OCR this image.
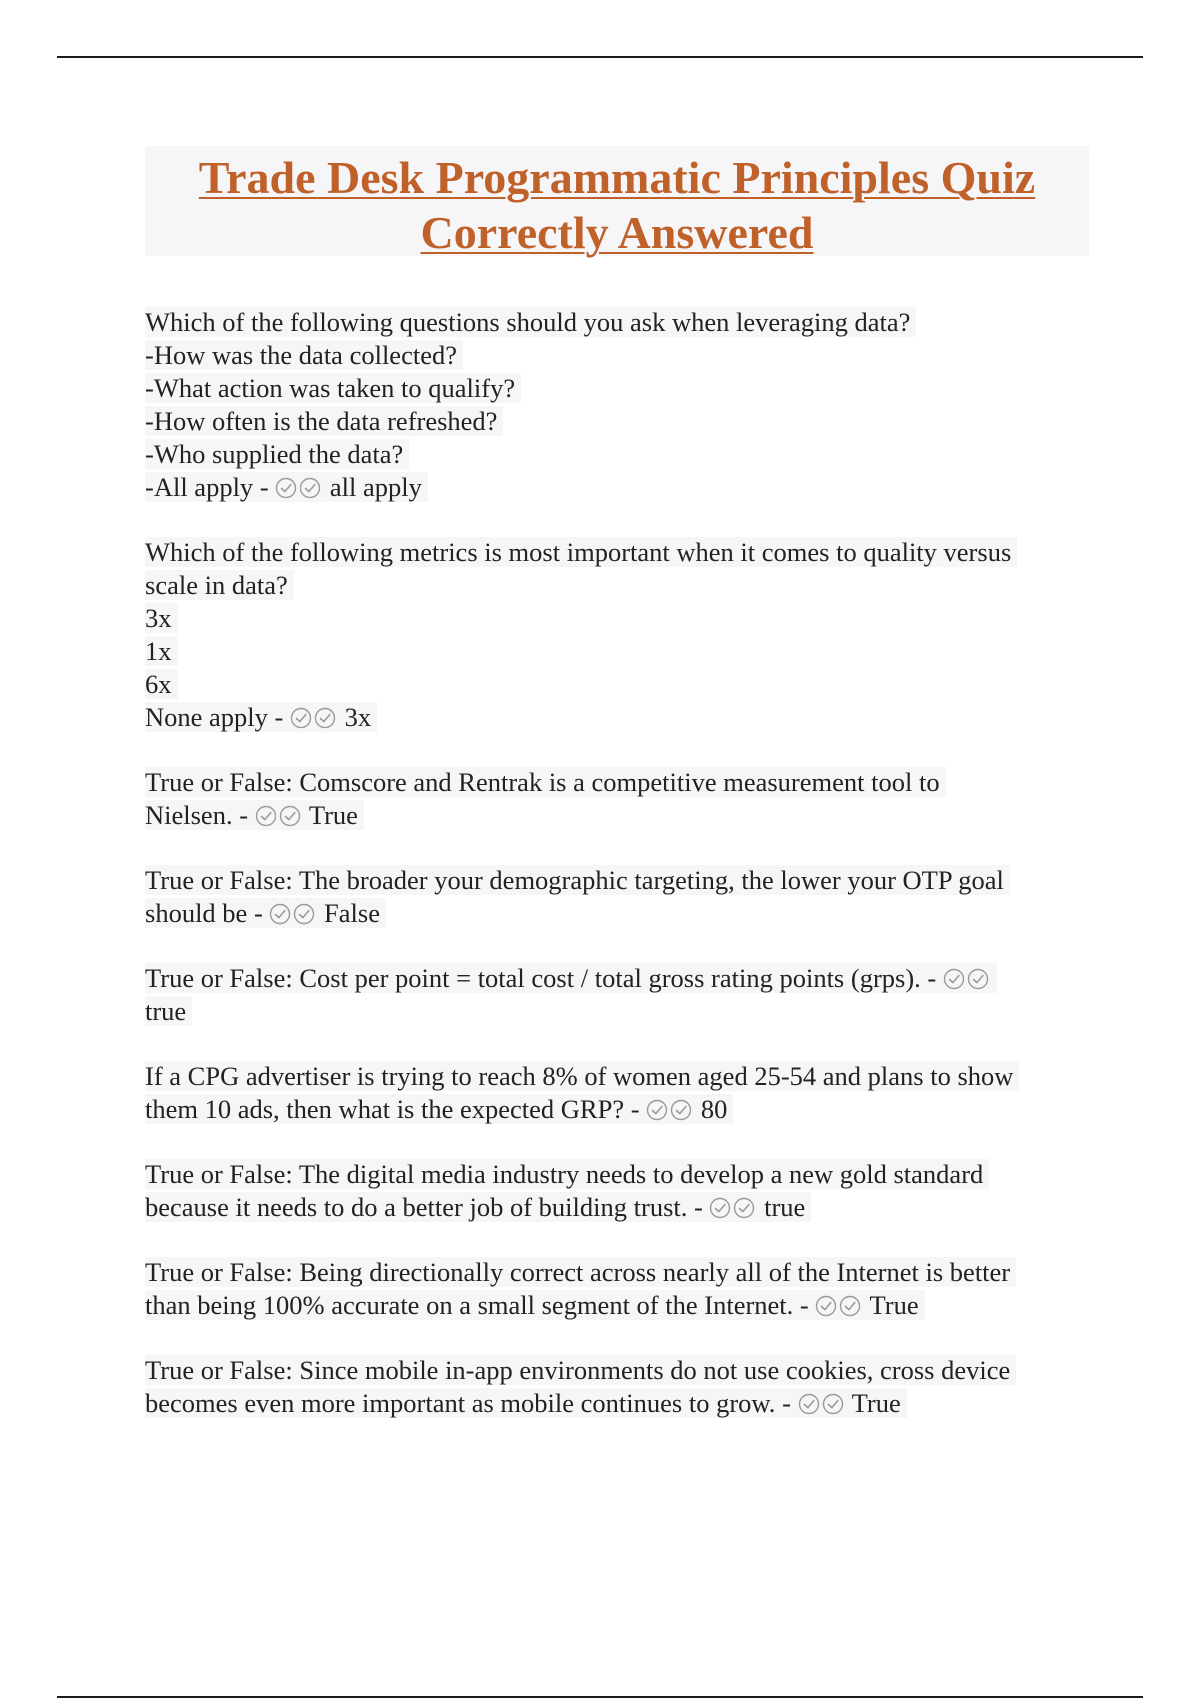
Trade Desk Programmatic Principles Quiz
Correctly Answered
Which of the following questions should you ask when leveraging data?
-How was the data collected?
-What action was taken to qualify?
-How often is the data refreshed?
-Who supplied the data?
-All apply -
all apply
Which of the following metrics is most important when it comes to quality versus
scale in data?
3x
1x
6x
None apply -
3x
True or False: Comscore and Rentrak is a competitive measurement tool to
Nielsen. -
True
True or False: The broader your demographic targeting, the lower your OTP goal
should be -
False
True or False: Cost per point = total cost / total gross rating points (grps). -
true
If a CPG advertiser is trying to reach 8% of women aged 25-54 and plans to show
them 10 ads, then what is the expected GRP? -
80
True or False: The digital media industry needs to develop a new gold standard
because it needs to do a better job of building trust. -
true
True or False: Being directionally correct across nearly all of the Internet is better
than being 100% accurate on a small segment of the Internet. -
True
True or False: Since mobile in-app environments do not use cookies, cross device
becomes even more important as mobile continues to grow. -
True
